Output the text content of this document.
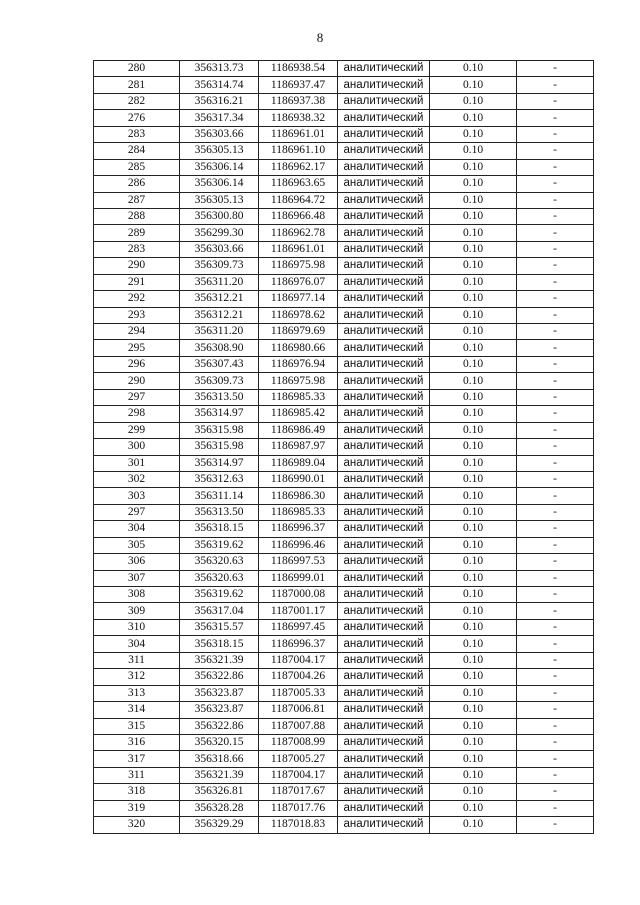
8
280	356313.73	1186938.54	аналитический	0.10	-
281	356314.74	1186937.47	аналитический	0.10	-
282	356316.21	1186937.38	аналитический	0.10	-
276	356317.34	1186938.32	аналитический	0.10	-
283	356303.66	1186961.01	аналитический	0.10	-
284	356305.13	1186961.10	аналитический	0.10	-
285	356306.14	1186962.17	аналитический	0.10	-
286	356306.14	1186963.65	аналитический	0.10	-
287	356305.13	1186964.72	аналитический	0.10	-
288	356300.80	1186966.48	аналитический	0.10	-
289	356299.30	1186962.78	аналитический	0.10	-
283	356303.66	1186961.01	аналитический	0.10	-
290	356309.73	1186975.98	аналитический	0.10	-
291	356311.20	1186976.07	аналитический	0.10	-
292	356312.21	1186977.14	аналитический	0.10	-
293	356312.21	1186978.62	аналитический	0.10	-
294	356311.20	1186979.69	аналитический	0.10	-
295	356308.90	1186980.66	аналитический	0.10	-
296	356307.43	1186976.94	аналитический	0.10	-
290	356309.73	1186975.98	аналитический	0.10	-
297	356313.50	1186985.33	аналитический	0.10	-
298	356314.97	1186985.42	аналитический	0.10	-
299	356315.98	1186986.49	аналитический	0.10	-
300	356315.98	1186987.97	аналитический	0.10	-
301	356314.97	1186989.04	аналитический	0.10	-
302	356312.63	1186990.01	аналитический	0.10	-
303	356311.14	1186986.30	аналитический	0.10	-
297	356313.50	1186985.33	аналитический	0.10	-
304	356318.15	1186996.37	аналитический	0.10	-
305	356319.62	1186996.46	аналитический	0.10	-
306	356320.63	1186997.53	аналитический	0.10	-
307	356320.63	1186999.01	аналитический	0.10	-
308	356319.62	1187000.08	аналитический	0.10	-
309	356317.04	1187001.17	аналитический	0.10	-
310	356315.57	1186997.45	аналитический	0.10	-
304	356318.15	1186996.37	аналитический	0.10	-
311	356321.39	1187004.17	аналитический	0.10	-
312	356322.86	1187004.26	аналитический	0.10	-
313	356323.87	1187005.33	аналитический	0.10	-
314	356323.87	1187006.81	аналитический	0.10	-
315	356322.86	1187007.88	аналитический	0.10	-
316	356320.15	1187008.99	аналитический	0.10	-
317	356318.66	1187005.27	аналитический	0.10	-
311	356321.39	1187004.17	аналитический	0.10	-
318	356326.81	1187017.67	аналитический	0.10	-
319	356328.28	1187017.76	аналитический	0.10	-
320	356329.29	1187018.83	аналитический	0.10	-
